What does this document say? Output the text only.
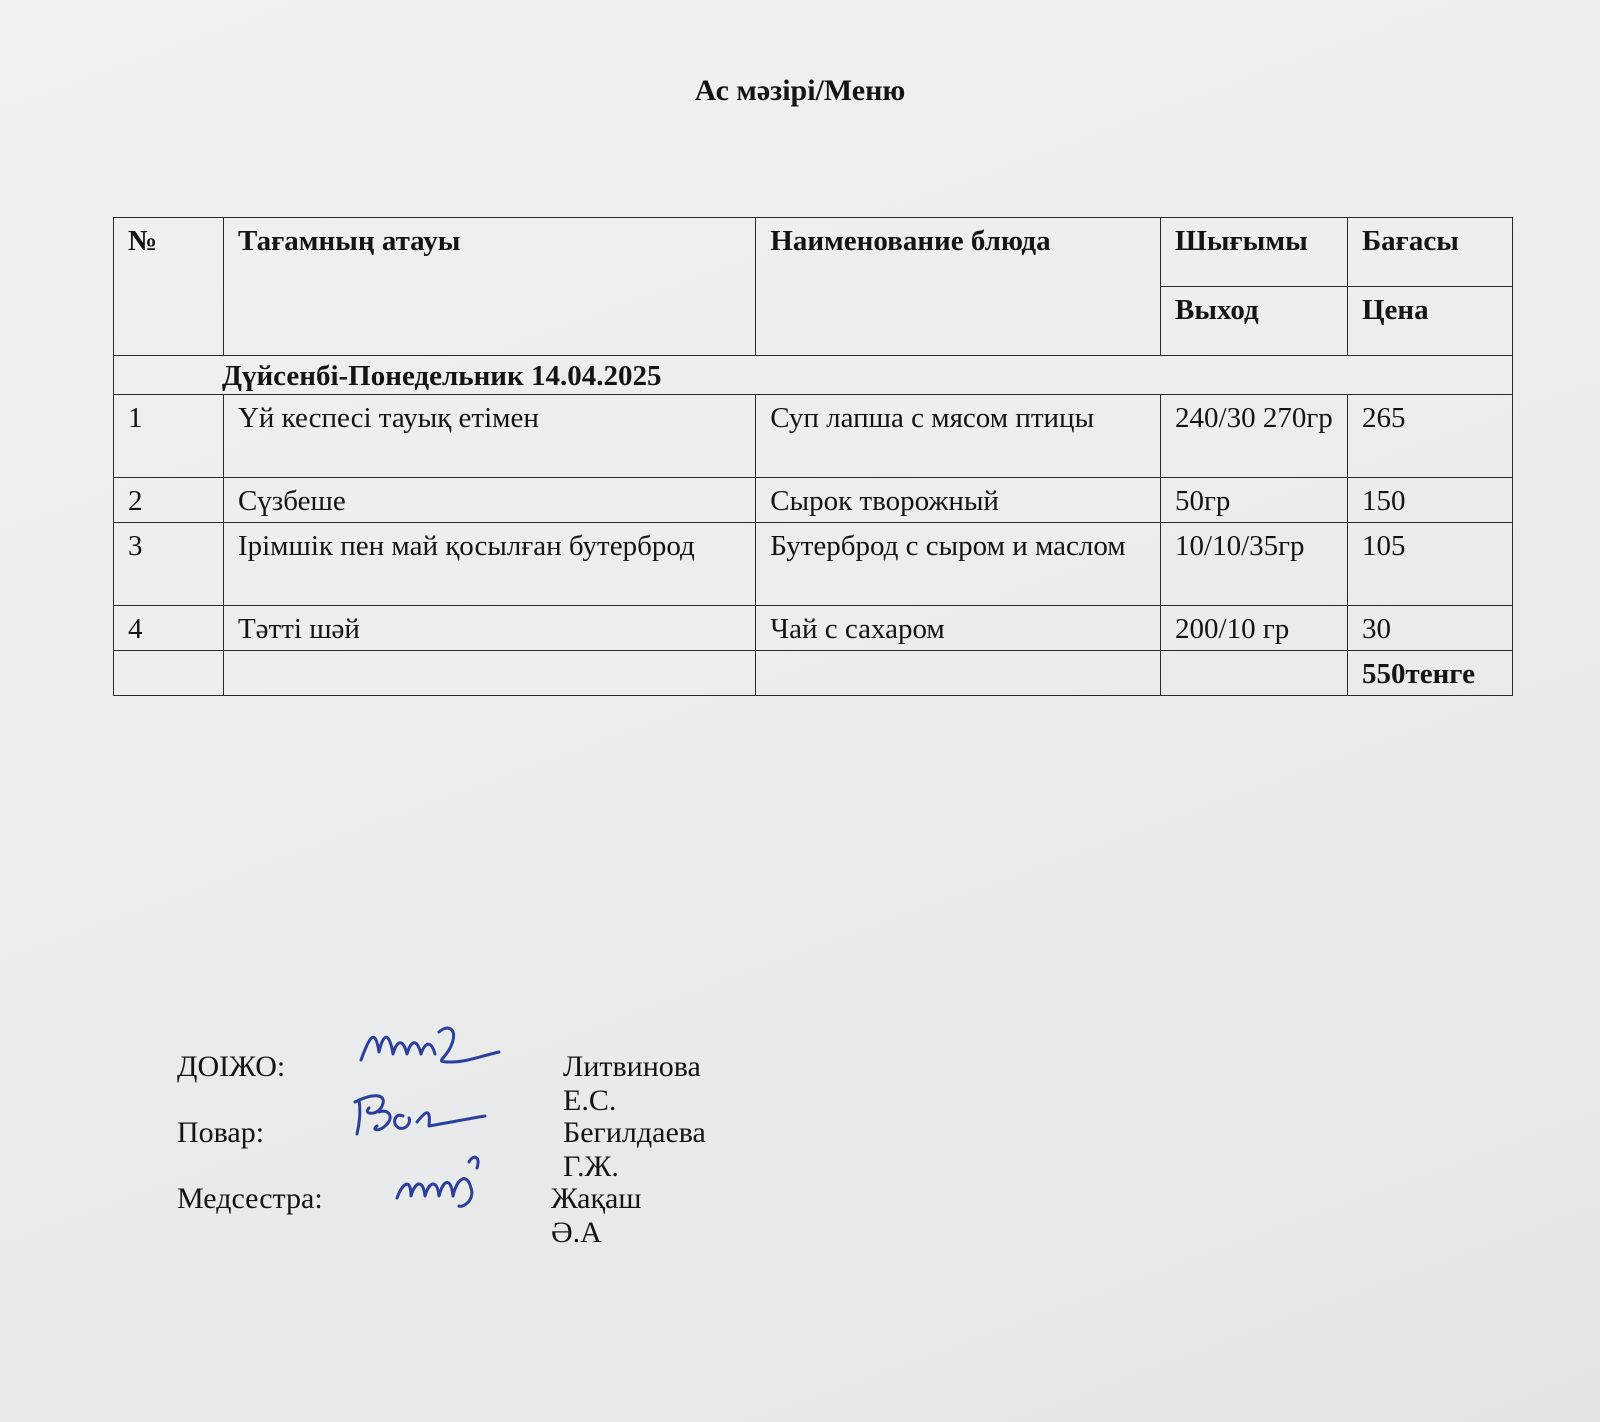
Ас мәзірі/Меню
№	Тағамның атауы	Наименование блюда	Шығымы	Бағасы
			Выход	Цена
Дүйсенбі-Понедельник 14.04.2025				
1	Үй кеспесі тауық етімен	Суп лапша с мясом птицы	240/30 270гр	265
2	Сүзбеше	Сырок творожный	50гр	150
3	Ірімшік пен май қосылған бутерброд	Бутерброд с сыром и маслом	10/10/35гр	105
4	Тәтті шәй	Чай с сахаром	200/10 гр	30
				550тенге
ДОІЖО:	Литвинова Е.С.
Повар:	Бегилдаева Г.Ж.
Медсестра:	Жақаш Ә.А
